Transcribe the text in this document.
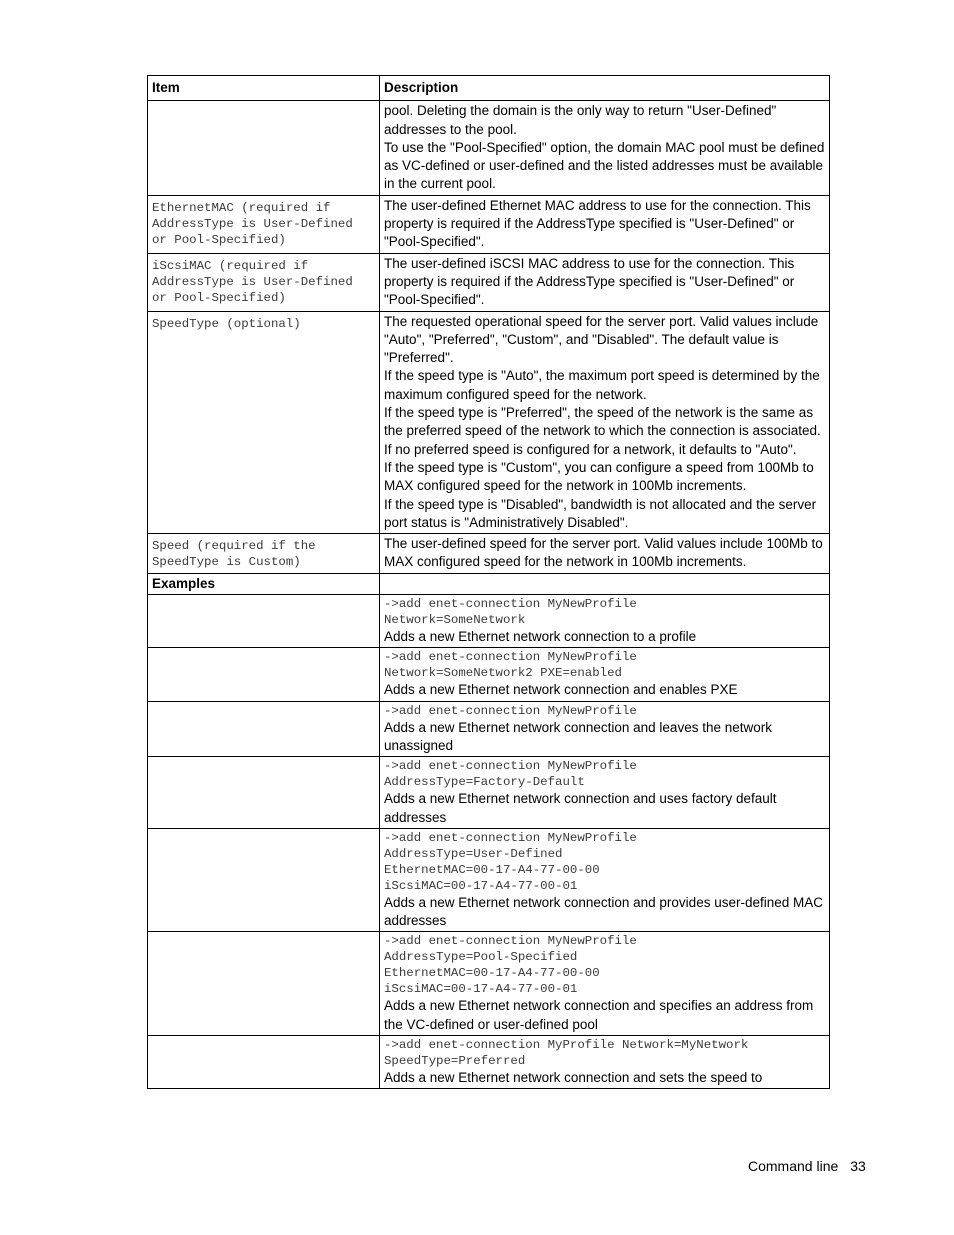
Item	Description

	pool. Deleting the domain is the only way to return "User-Defined" addresses to the pool.
To use the "Pool-Specified" option, the domain MAC pool must be defined as VC-defined or user-defined and the listed addresses must be available in the current pool.

EthernetMAC (required if AddressType is User-Defined or Pool-Specified)	The user-defined Ethernet MAC address to use for the connection. This property is required if the AddressType specified is "User-Defined" or "Pool-Specified".

iScsiMAC (required if AddressType is User-Defined or Pool-Specified)	The user-defined iSCSI MAC address to use for the connection. This property is required if the AddressType specified is "User-Defined" or "Pool-Specified".

SpeedType (optional)	The requested operational speed for the server port. Valid values include "Auto", "Preferred", "Custom", and "Disabled". The default value is "Preferred".
If the speed type is "Auto", the maximum port speed is determined by the maximum configured speed for the network.
If the speed type is "Preferred", the speed of the network is the same as the preferred speed of the network to which the connection is associated. If no preferred speed is configured for a network, it defaults to "Auto".
If the speed type is "Custom", you can configure a speed from 100Mb to MAX configured speed for the network in 100Mb increments.
If the speed type is "Disabled", bandwidth is not allocated and the server port status is "Administratively Disabled".

Speed (required if the SpeedType is Custom)	The user-defined speed for the server port. Valid values include 100Mb to MAX configured speed for the network in 100Mb increments.

Examples	

	->add enet-connection MyNewProfile
Network=SomeNetwork
Adds a new Ethernet network connection to a profile

	->add enet-connection MyNewProfile
Network=SomeNetwork2 PXE=enabled
Adds a new Ethernet network connection and enables PXE

	->add enet-connection MyNewProfile
Adds a new Ethernet network connection and leaves the network unassigned

	->add enet-connection MyNewProfile
AddressType=Factory-Default
Adds a new Ethernet network connection and uses factory default addresses

	->add enet-connection MyNewProfile
AddressType=User-Defined
EthernetMAC=00-17-A4-77-00-00
iScsiMAC=00-17-A4-77-00-01
Adds a new Ethernet network connection and provides user-defined MAC addresses

	->add enet-connection MyNewProfile
AddressType=Pool-Specified
EthernetMAC=00-17-A4-77-00-00
iScsiMAC=00-17-A4-77-00-01
Adds a new Ethernet network connection and specifies an address from the VC-defined or user-defined pool

	->add enet-connection MyProfile Network=MyNetwork
SpeedType=Preferred
Adds a new Ethernet network connection and sets the speed to
Command line 33
